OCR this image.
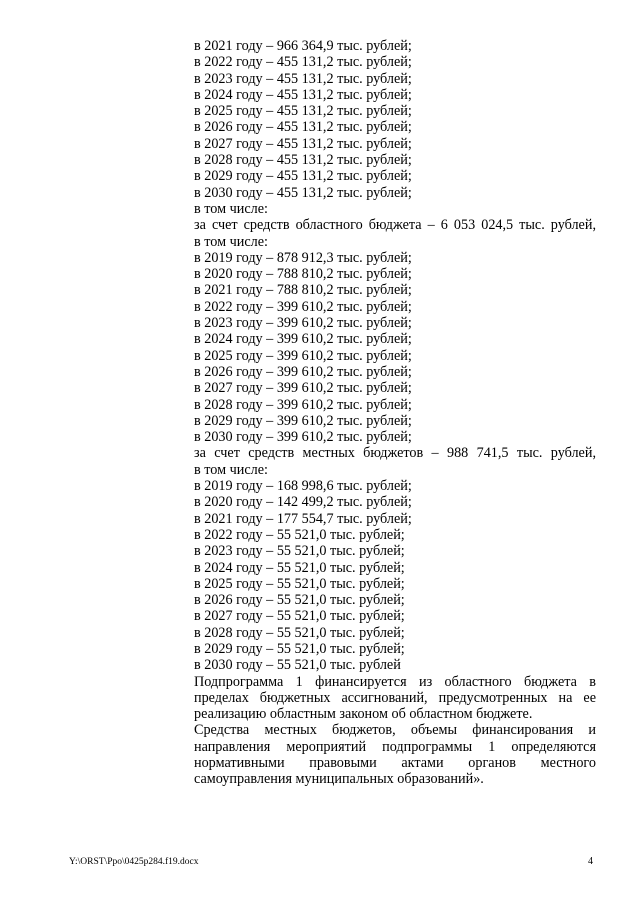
в 2021 году – 966 364,9 тыс. рублей;

в 2022 году – 455 131,2 тыс. рублей;

в 2023 году – 455 131,2 тыс. рублей;

в 2024 году – 455 131,2 тыс. рублей;

в 2025 году – 455 131,2 тыс. рублей;

в 2026 году – 455 131,2 тыс. рублей;

в 2027 году – 455 131,2 тыс. рублей;

в 2028 году – 455 131,2 тыс. рублей;

в 2029 году – 455 131,2 тыс. рублей;

в 2030 году – 455 131,2 тыс. рублей;

в том числе:

за счет средств областного бюджета – 6 053 024,5 тыс. рублей,

в том числе:

в 2019 году – 878 912,3 тыс. рублей;

в 2020 году – 788 810,2 тыс. рублей;

в 2021 году – 788 810,2 тыс. рублей;

в 2022 году – 399 610,2 тыс. рублей;

в 2023 году – 399 610,2 тыс. рублей;

в 2024 году – 399 610,2 тыс. рублей;

в 2025 году – 399 610,2 тыс. рублей;

в 2026 году – 399 610,2 тыс. рублей;

в 2027 году – 399 610,2 тыс. рублей;

в 2028 году – 399 610,2 тыс. рублей;

в 2029 году – 399 610,2 тыс. рублей;

в 2030 году – 399 610,2 тыс. рублей;

за счет средств местных бюджетов – 988 741,5 тыс. рублей,

в том числе:

в 2019 году – 168 998,6 тыс. рублей;

в 2020 году – 142 499,2 тыс. рублей;

в 2021 году – 177 554,7 тыс. рублей;

в 2022 году – 55 521,0 тыс. рублей;

в 2023 году – 55 521,0 тыс. рублей;

в 2024 году – 55 521,0 тыс. рублей;

в 2025 году – 55 521,0 тыс. рублей;

в 2026 году – 55 521,0 тыс. рублей;

в 2027 году – 55 521,0 тыс. рублей;

в 2028 году – 55 521,0 тыс. рублей;

в 2029 году – 55 521,0 тыс. рублей;

в 2030 году – 55 521,0 тыс. рублей

Подпрограмма 1 финансируется из областного бюджета в пределах бюджетных ассигнований, предусмотренных на ее реализацию областным законом об областном бюджете.

Средства местных бюджетов, объемы финансирования и направления мероприятий подпрограммы 1 определяются нормативными правовыми актами органов местного самоуправления муниципальных образований».

Y:\ORST\Ppo\0425p284.f19.docx	4
